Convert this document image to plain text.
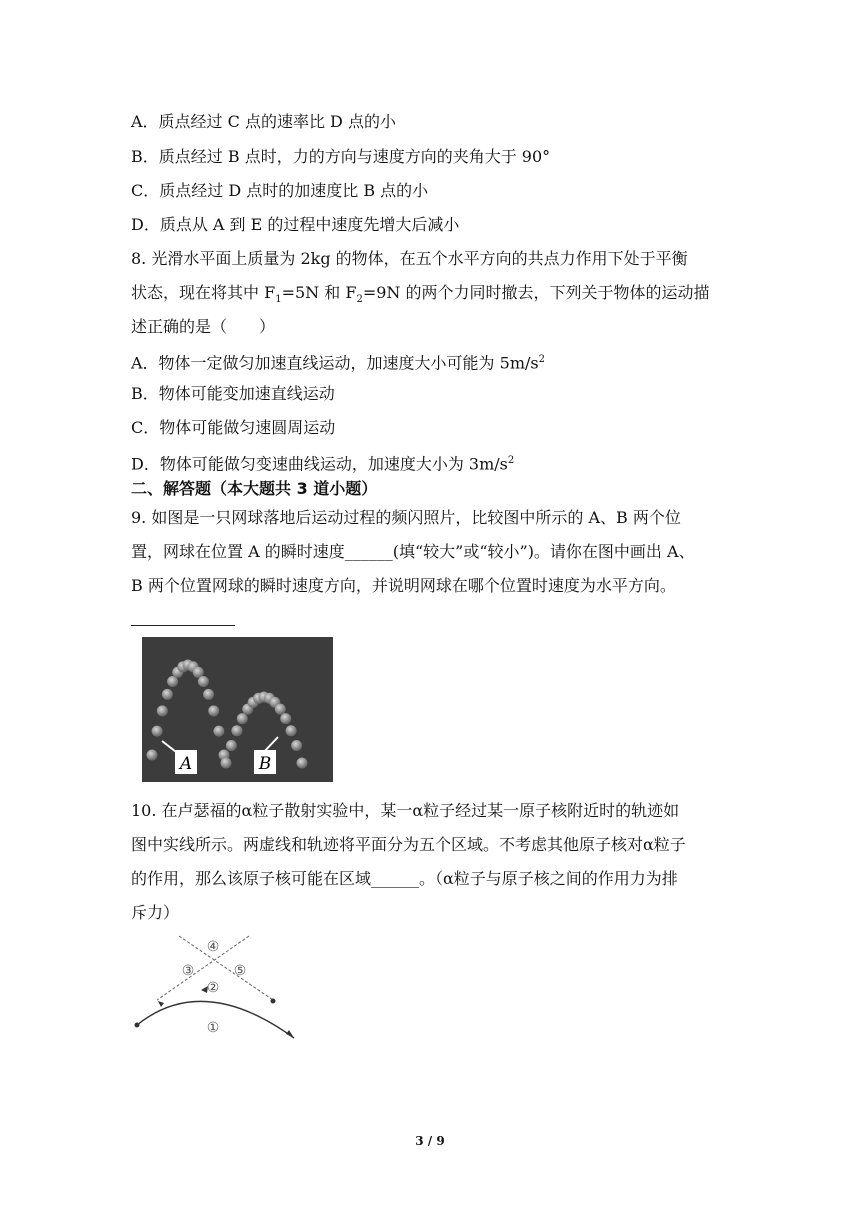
A．质点经过 C 点的速率比 D 点的小
B．质点经过 B 点时，力的方向与速度方向的夹角大于 90°
C．质点经过 D 点时的加速度比 B 点的小
D．质点从 A 到 E 的过程中速度先增大后减小
8. 光滑水平面上质量为 2kg 的物体，在五个水平方向的共点力作用下处于平衡
状态，现在将其中 $F_1=5N$ 和 $F_2=9N$ 的两个力同时撤去，下列关于物体的运动描
述正确的是（　　）
A．物体一定做匀加速直线运动，加速度大小可能为 $5m/s^2$
B．物体可能变加速直线运动
C．物体可能做匀速圆周运动
D．物体可能做匀变速曲线运动，加速度大小为 $3m/s^2$
二、解答题（本大题共 3 道小题）
9. 如图是一只网球落地后运动过程的频闪照片，比较图中所示的 A、B 两个位
置，网球在位置 A 的瞬时速度______(填“较大”或“较小”)。请你在图中画出 A、
B 两个位置网球的瞬时速度方向，并说明网球在哪个位置时速度为水平方向。
A	B
10. 在卢瑟福的α粒子散射实验中，某一α粒子经过某一原子核附近时的轨迹如
图中实线所示。两虚线和轨迹将平面分为五个区域。不考虑其他原子核对α粒子
的作用，那么该原子核可能在区域______。（α粒子与原子核之间的作用力为排
斥力）
①
②
③
④
⑤
3 / 9
